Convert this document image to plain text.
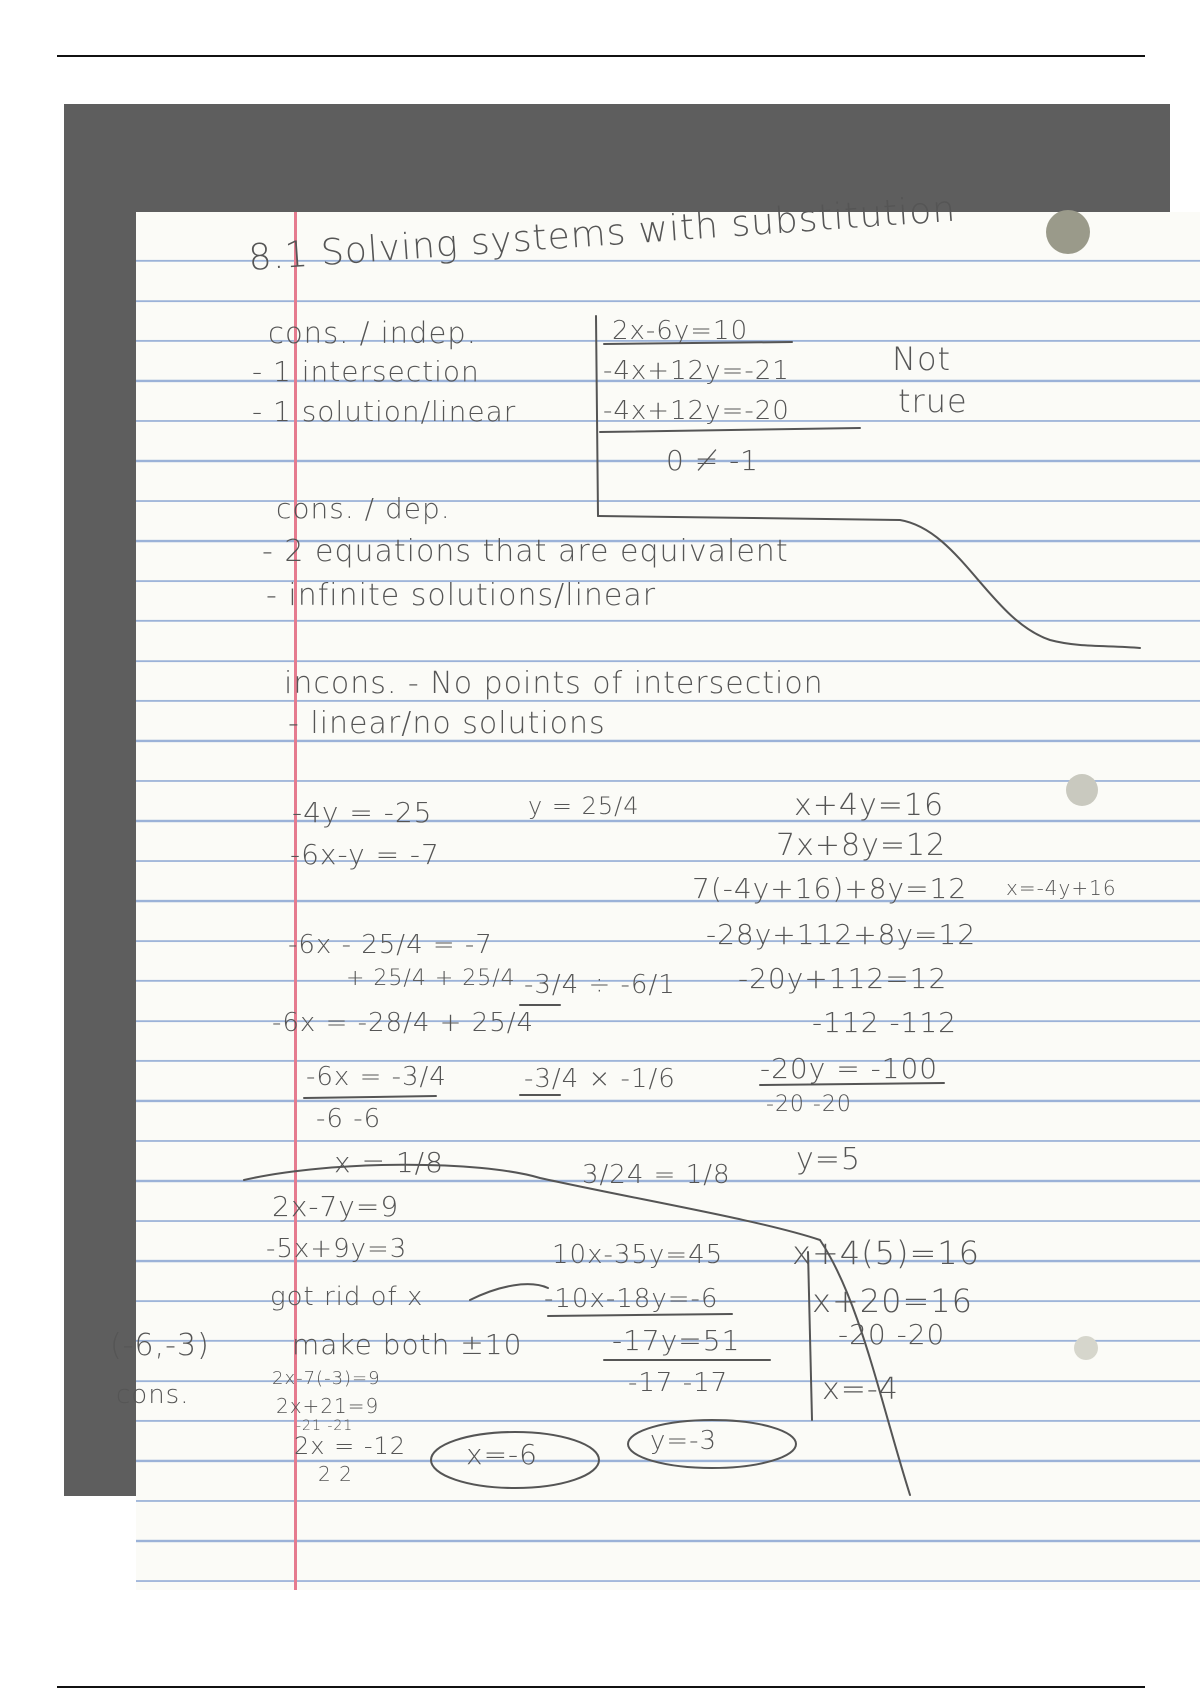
8.1 Solving systems with substitution
cons. / indep.
- 1 intersection
- 1 solution/linear
2x-6y=10
-4x+12y=-21
-4x+12y=-20
0 ≠ -1
Not
true
cons. / dep.
- 2 equations that are equivalent
- infinite solutions/linear
incons. - No points of intersection
- linear/no solutions
-4y = -25	y = 25/4
-6x-y = -7
-6x - 25/4 = -7
+ 25/4 + 25/4
-6x = -28/4 + 25/4
-6x = -3/4
-6 -6
x = 1/8
-3/4 ÷ -6/1
-3/4 × -1/6
3/24 = 1/8
x+4y=16
7x+8y=12
x=-4y+16
7(-4y+16)+8y=12
-28y+112+8y=12
-20y+112=12
-112 -112
-20y = -100
-20 -20
y=5
2x-7y=9
-5x+9y=3
got rid of x
make both ±10
2x-7(-3)=9
2x+21=9
-21 -21
2x = -12
2 2
x=-6
10x-35y=45
-10x-18y=-6
-17y=51
-17 -17
y=-3
x+4(5)=16
x+20=16
-20 -20
x=-4
(-6,-3)
cons.
